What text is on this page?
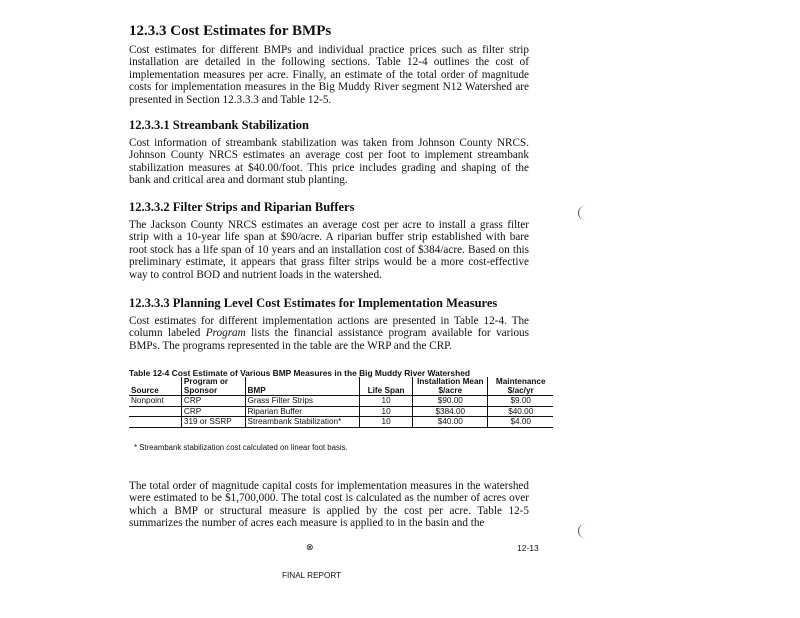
12.3.3 Cost Estimates for BMPs

Cost estimates for different BMPs and individual practice prices such as filter strip installation are detailed in the following sections. Table 12-4 outlines the cost of implementation measures per acre. Finally, an estimate of the total order of magnitude costs for implementation measures in the Big Muddy River segment N12 Watershed are presented in Section 12.3.3.3 and Table 12-5.

12.3.3.1 Streambank Stabilization

Cost information of streambank stabilization was taken from Johnson County NRCS. Johnson County NRCS estimates an average cost per foot to implement streambank stabilization measures at $40.00/foot. This price includes grading and shaping of the bank and critical area and dormant stub planting.

12.3.3.2 Filter Strips and Riparian Buffers

The Jackson County NRCS estimates an average cost per acre to install a grass filter strip with a 10-year life span at $90/acre. A riparian buffer strip established with bare root stock has a life span of 10 years and an installation cost of $384/acre. Based on this preliminary estimate, it appears that grass filter strips would be a more cost-effective way to control BOD and nutrient loads in the watershed.

12.3.3.3 Planning Level Cost Estimates for Implementation Measures

Cost estimates for different implementation actions are presented in Table 12-4. The column labeled Program lists the financial assistance program available for various BMPs. The programs represented in the table are the WRP and the CRP.

Table 12-4 Cost Estimate of Various BMP Measures in the Big Muddy River Watershed
Source	Program or Sponsor	BMP	Life Span	Installation Mean $/acre	Maintenance $/ac/yr
Nonpoint	CRP	Grass Filter Strips	10	$90.00	$9.00
	CRP	Riparian Buffer	10	$384.00	$40.00
	319 or SSRP	Streambank Stabilization*	10	$40.00	$4.00
* Streambank stabilization cost calculated on linear foot basis.

The total order of magnitude capital costs for implementation measures in the watershed were estimated to be $1,700,000. The total cost is calculated as the number of acres over which a BMP or structural measure is applied by the cost per acre. Table 12-5 summarizes the number of acres each measure is applied to in the basin and the

⊗	12-13
FINAL REPORT
